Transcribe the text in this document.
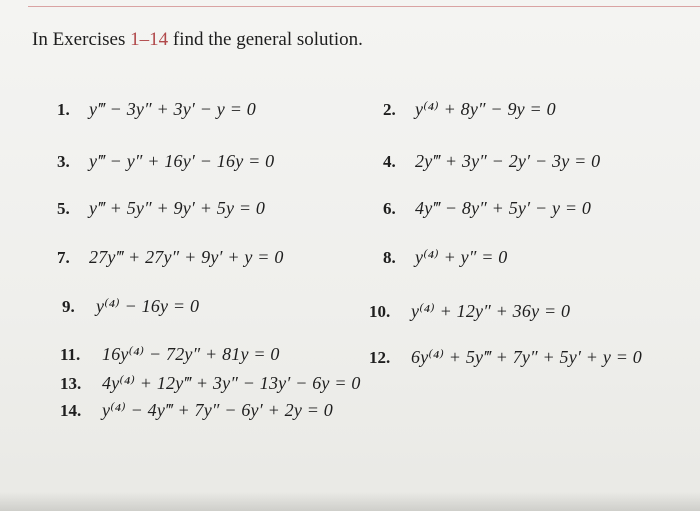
In Exercises 1–14 find the general solution.
1. y‴ − 3y″ + 3y′ − y = 0	2. y⁽⁴⁾ + 8y″ − 9y = 0
3. y‴ − y″ + 16y′ − 16y = 0	4. 2y‴ + 3y″ − 2y′ − 3y = 0
5. y‴ + 5y″ + 9y′ + 5y = 0	6. 4y‴ − 8y″ + 5y′ − y = 0
7. 27y‴ + 27y″ + 9y′ + y = 0	8. y⁽⁴⁾ + y″ = 0
9. y⁽⁴⁾ − 16y = 0	10. y⁽⁴⁾ + 12y″ + 36y = 0
11. 16y⁽⁴⁾ − 72y″ + 81y = 0	12. 6y⁽⁴⁾ + 5y‴ + 7y″ + 5y′ + y = 0
13. 4y⁽⁴⁾ + 12y‴ + 3y″ − 13y′ − 6y = 0
14. y⁽⁴⁾ − 4y‴ + 7y″ − 6y′ + 2y = 0
